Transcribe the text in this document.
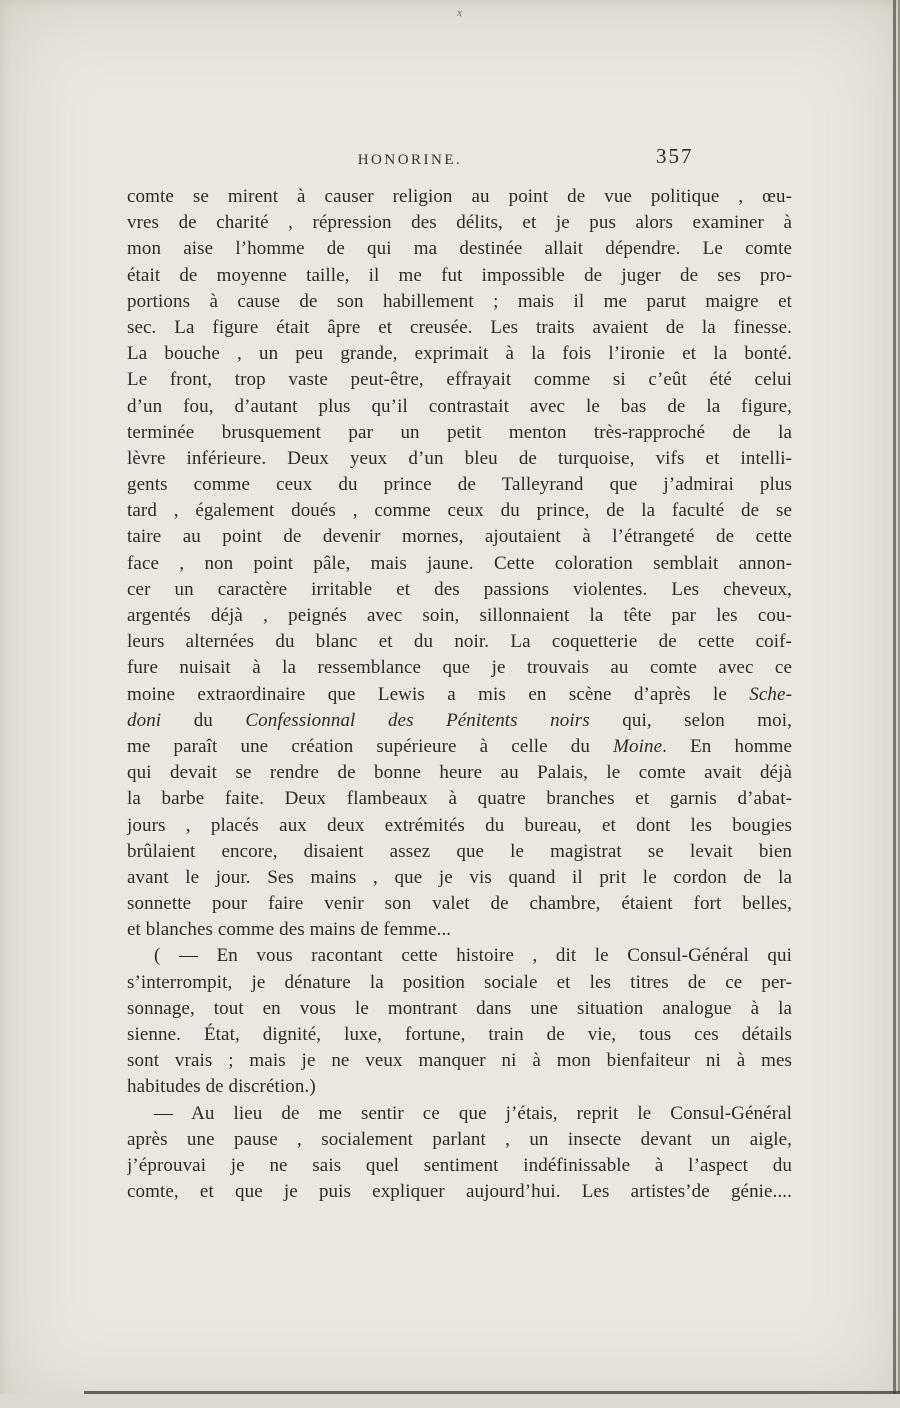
x
HONORINE.	357
comte se mirent à causer religion au point de vue politique , œu-
vres de charité , répression des délits, et je pus alors examiner à
mon aise l’homme de qui ma destinée allait dépendre. Le comte
était de moyenne taille, il me fut impossible de juger de ses pro-
portions à cause de son habillement ; mais il me parut maigre et
sec. La figure était âpre et creusée. Les traits avaient de la finesse.
La bouche , un peu grande, exprimait à la fois l’ironie et la bonté.
Le front, trop vaste peut-être, effrayait comme si c’eût été celui
d’un fou, d’autant plus qu’il contrastait avec le bas de la figure,
terminée brusquement par un petit menton très-rapproché de la
lèvre inférieure. Deux yeux d’un bleu de turquoise, vifs et intelli-
gents comme ceux du prince de Talleyrand que j’admirai plus
tard , également doués , comme ceux du prince, de la faculté de se
taire au point de devenir mornes, ajoutaient à l’étrangeté de cette
face , non point pâle, mais jaune. Cette coloration semblait annon-
cer un caractère irritable et des passions violentes. Les cheveux,
argentés déjà , peignés avec soin, sillonnaient la tête par les cou-
leurs alternées du blanc et du noir. La coquetterie de cette coif-
fure nuisait à la ressemblance que je trouvais au comte avec ce
moine extraordinaire que Lewis a mis en scène d’après le Sche-
doni du Confessionnal des Pénitents noirs qui, selon moi,
me paraît une création supérieure à celle du Moine. En homme
qui devait se rendre de bonne heure au Palais, le comte avait déjà
la barbe faite. Deux flambeaux à quatre branches et garnis d’abat-
jours , placés aux deux extrémités du bureau, et dont les bougies
brûlaient encore, disaient assez que le magistrat se levait bien
avant le jour. Ses mains , que je vis quand il prit le cordon de la
sonnette pour faire venir son valet de chambre, étaient fort belles,
et blanches comme des mains de femme...
( — En vous racontant cette histoire , dit le Consul-Général qui
s’interrompit, je dénature la position sociale et les titres de ce per-
sonnage, tout en vous le montrant dans une situation analogue à la
sienne. État, dignité, luxe, fortune, train de vie, tous ces détails
sont vrais ; mais je ne veux manquer ni à mon bienfaiteur ni à mes
habitudes de discrétion.)
— Au lieu de me sentir ce que j’étais, reprit le Consul-Général
après une pause , socialement parlant , un insecte devant un aigle,
j’éprouvai je ne sais quel sentiment indéfinissable à l’aspect du
comte, et que je puis expliquer aujourd’hui. Les artistes’de génie....
